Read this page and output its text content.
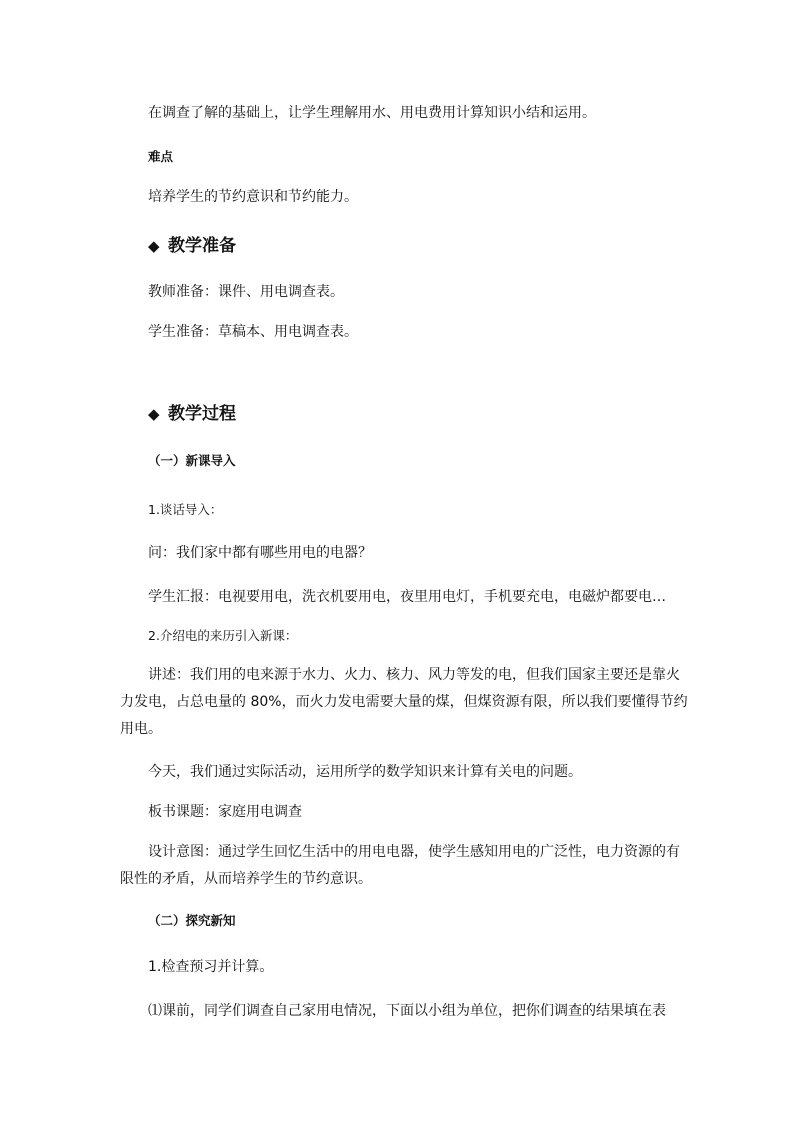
在调查了解的基础上，让学生理解用水、用电费用计算知识小结和运用。
难点
培养学生的节约意识和节约能力。
◆ 教学准备
教师准备：课件、用电调查表。
学生准备：草稿本、用电调查表。
◆ 教学过程
（一）新课导入
1.谈话导入：
问：我们家中都有哪些用电的电器？
学生汇报：电视要用电，洗衣机要用电，夜里用电灯，手机要充电，电磁炉都要电…
2.介绍电的来历引入新课：
讲述：我们用的电来源于水力、火力、核力、风力等发的电，但我们国家主要还是靠火
力发电，占总电量的 80%，而火力发电需要大量的煤，但煤资源有限，所以我们要懂得节约
用电。
今天，我们通过实际活动，运用所学的数学知识来计算有关电的问题。
板书课题：家庭用电调查
设计意图：通过学生回忆生活中的用电电器，使学生感知用电的广泛性，电力资源的有
限性的矛盾，从而培养学生的节约意识。
（二）探究新知
1.检查预习并计算。
⑴课前，同学们调查自己家用电情况，下面以小组为单位，把你们调查的结果填在表
